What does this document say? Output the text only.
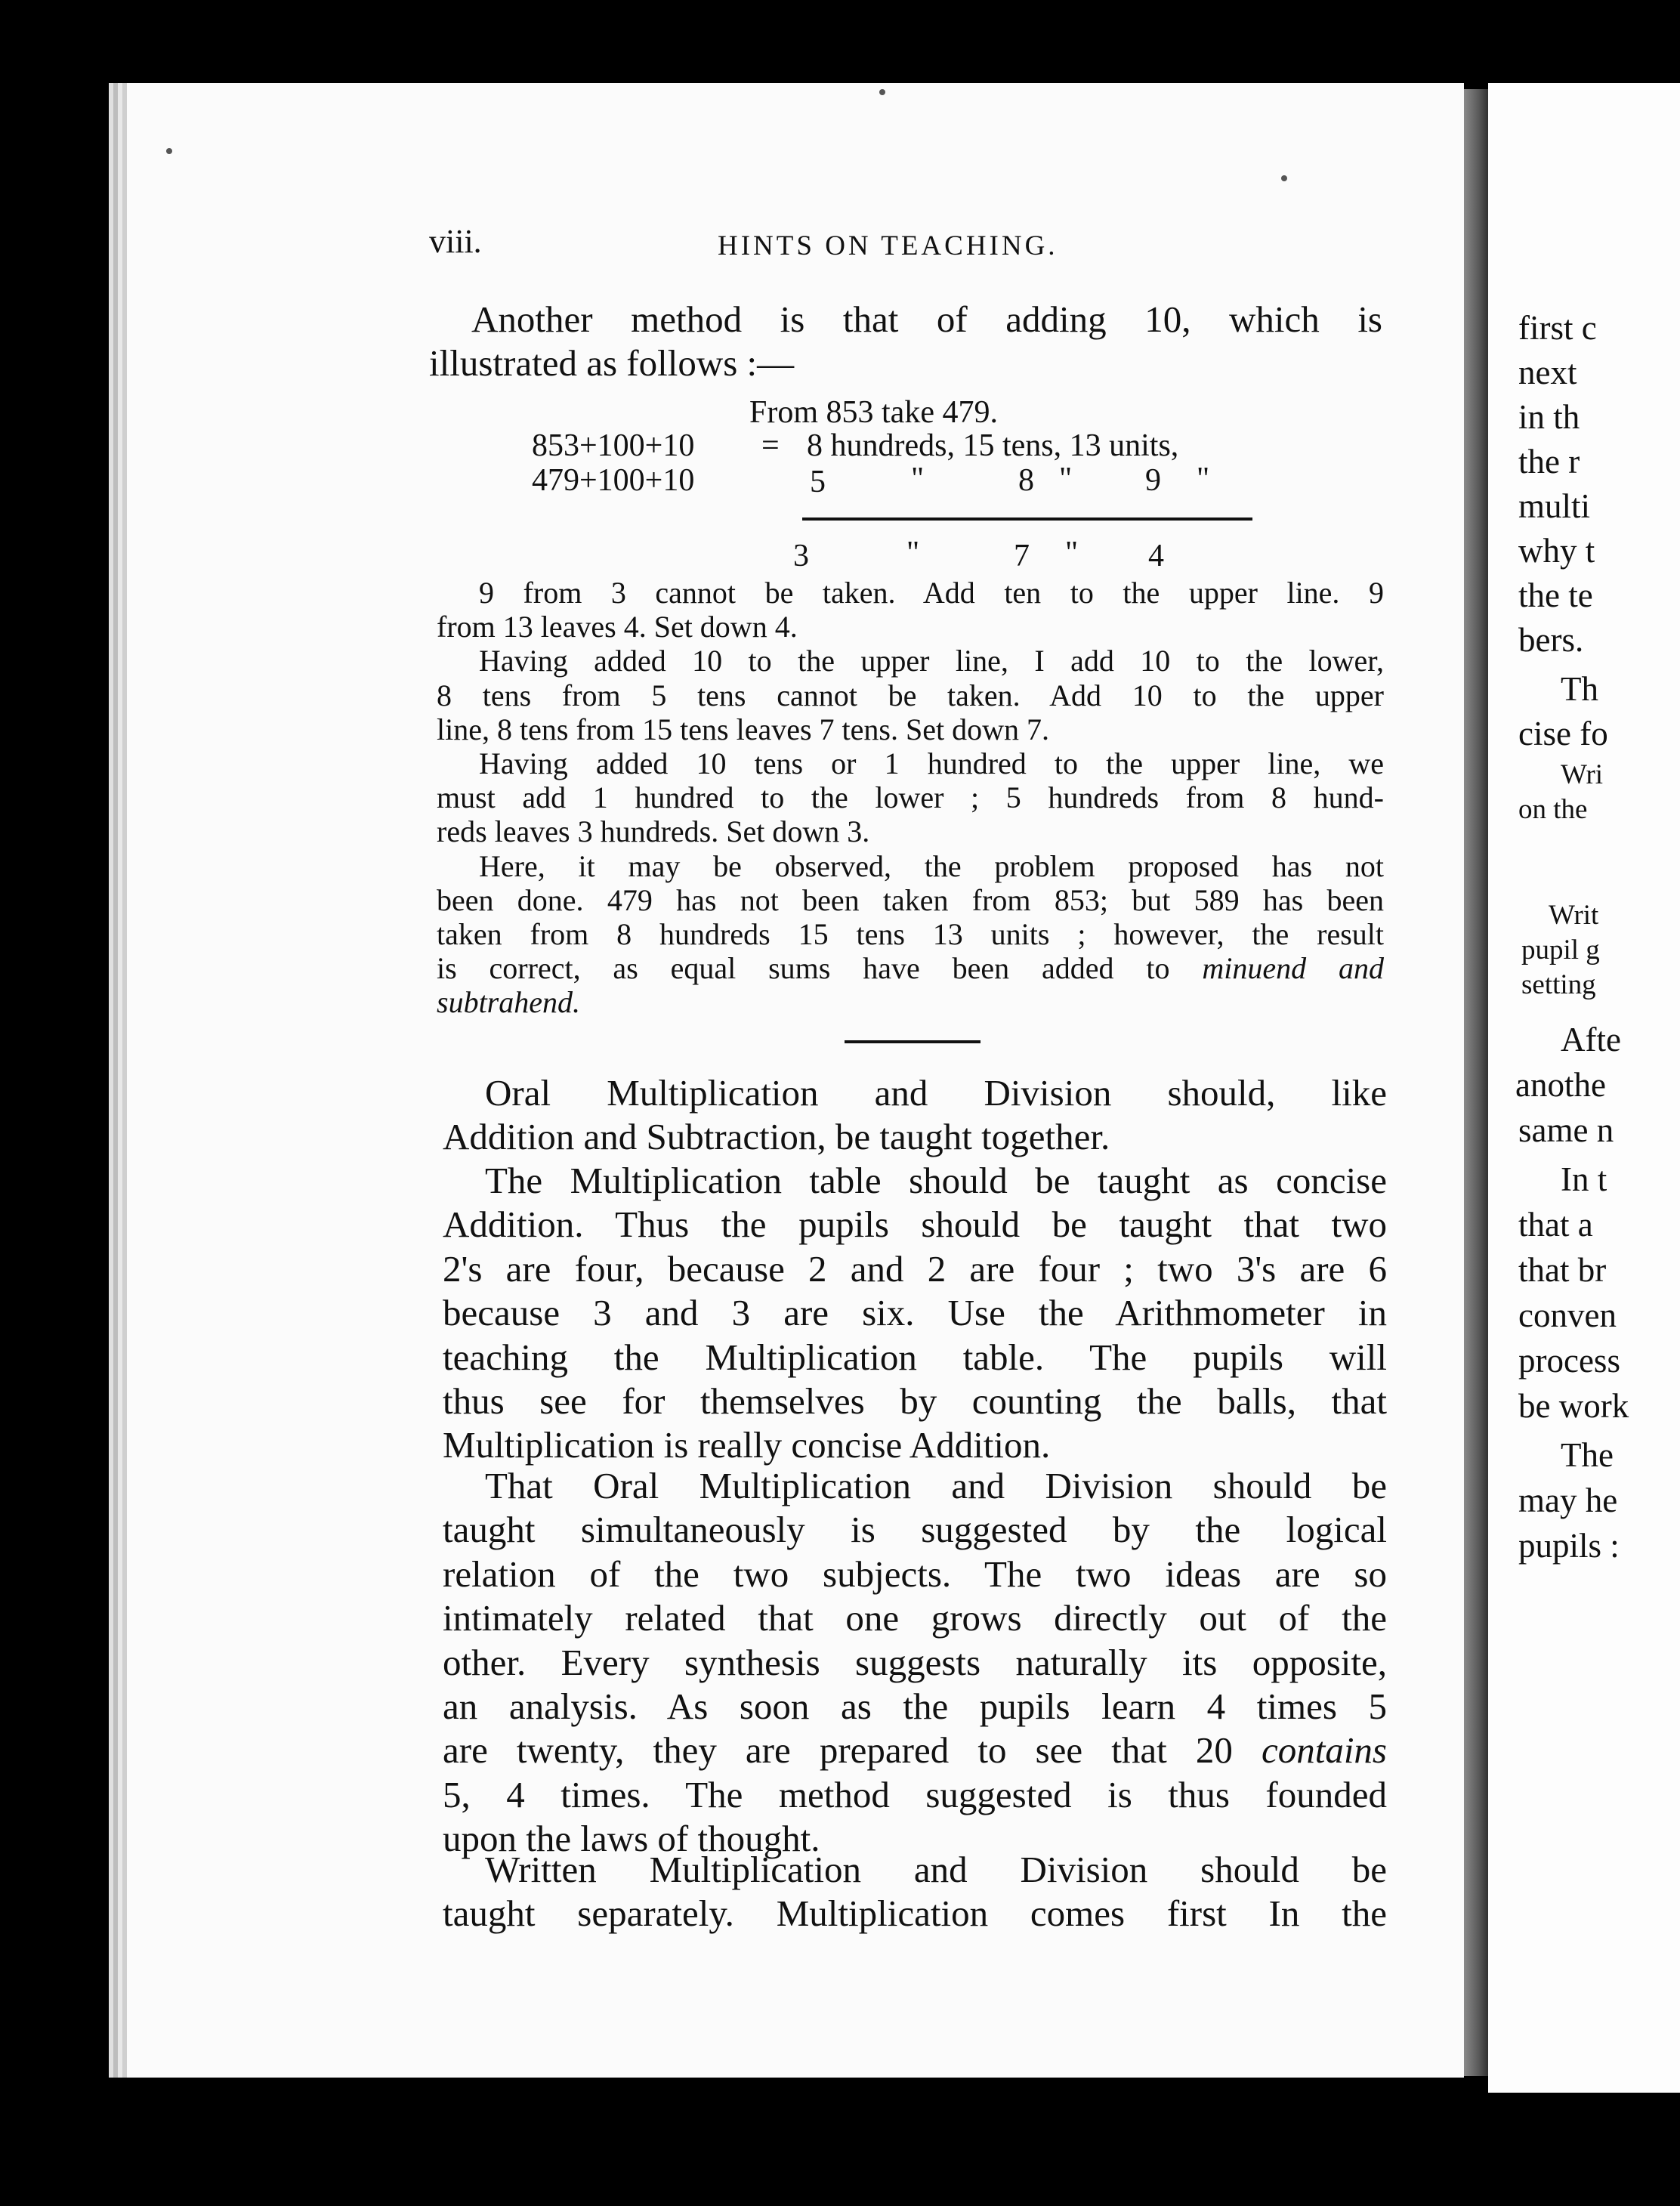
viii.	HINTS ON TEACHING.

Another method is that of adding 10, which is

illustrated as follows :—

From 853 take 479.
853+100+10 = 8 hundreds, 15 tens, 13 units,
479+100+10	5	"	8 " 9 "
3	"	7 " 4

9 from 3 cannot be taken. Add ten to the upper line. 9

from 13 leaves 4. Set down 4.

Having added 10 to the upper line, I add 10 to the lower,

8 tens from 5 tens cannot be taken. Add 10 to the upper

line, 8 tens from 15 tens leaves 7 tens. Set down 7.

Having added 10 tens or 1 hundred to the upper line, we

must add 1 hundred to the lower ; 5 hundreds from 8 hund-

reds leaves 3 hundreds. Set down 3.

Here, it may be observed, the problem proposed has not

been done. 479 has not been taken from 853; but 589 has been

taken from 8 hundreds 15 tens 13 units ; however, the result

is correct, as equal sums have been added to minuend and

subtrahend.

Oral Multiplication and Division should, like

Addition and Subtraction, be taught together.

The Multiplication table should be taught as concise

Addition. Thus the pupils should be taught that two

2's are four, because 2 and 2 are four ; two 3's are 6

because 3 and 3 are six. Use the Arithmometer in

teaching the Multiplication table. The pupils will

thus see for themselves by counting the balls, that

Multiplication is really concise Addition.

That Oral Multiplication and Division should be

taught simultaneously is suggested by the logical

relation of the two subjects. The two ideas are so

intimately related that one grows directly out of the

other. Every synthesis suggests naturally its opposite,

an analysis. As soon as the pupils learn 4 times 5

are twenty, they are prepared to see that 20 contains

5, 4 times. The method suggested is thus founded

upon the laws of thought.

Written Multiplication and Division should be

taught separately. Multiplication comes first In the

first c
next
in th
the r
multi
why t
the te
bers.
Th
cise fo
Wri
on the
Writ
pupil g
setting
Afte
anothe
same n
In t
that a
that br
conven
process
be work
The
may he
pupils :
